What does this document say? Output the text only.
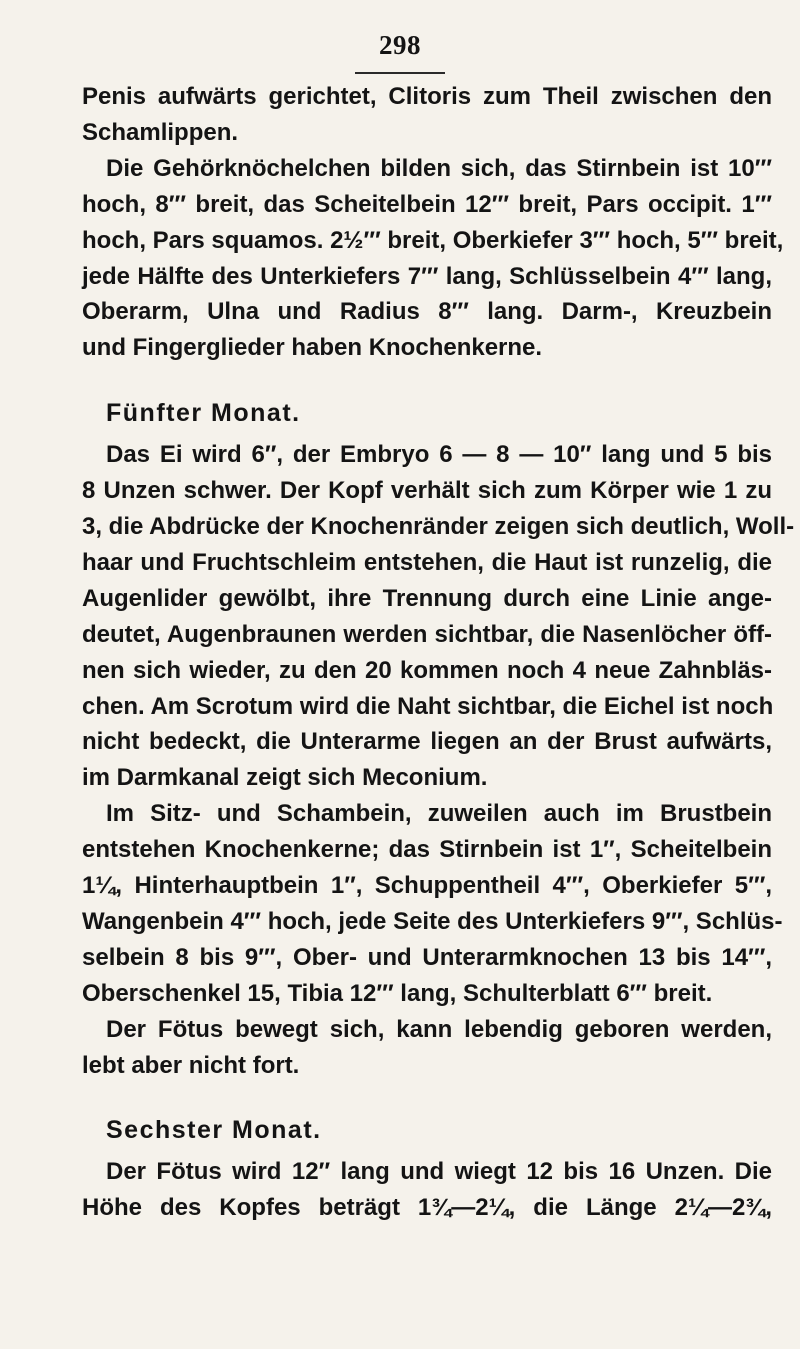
298
Penis aufwärts gerichtet, Clitoris zum Theil zwischen den
Schamlippen.
Die Gehörknöchelchen bilden sich, das Stirnbein ist 10′′′
hoch, 8′′′ breit, das Scheitelbein 12′′′ breit, Pars occipit. 1′′′
hoch, Pars squamos. 2½′′′ breit, Oberkiefer 3′′′ hoch, 5′′′ breit,
jede Hälfte des Unterkiefers 7′′′ lang, Schlüsselbein 4′′′ lang,
Oberarm, Ulna und Radius 8′′′ lang. Darm-, Kreuzbein
und Fingerglieder haben Knochenkerne.

Fünfter Monat.

Das Ei wird 6′′, der Embryo 6 — 8 — 10′′ lang und 5 bis
8 Unzen schwer. Der Kopf verhält sich zum Körper wie 1 zu
3, die Abdrücke der Knochenränder zeigen sich deutlich, Woll-
haar und Fruchtschleim entstehen, die Haut ist runzelig, die
Augenlider gewölbt, ihre Trennung durch eine Linie ange-
deutet, Augenbraunen werden sichtbar, die Nasenlöcher öff-
nen sich wieder, zu den 20 kommen noch 4 neue Zahnbläs-
chen. Am Scrotum wird die Naht sichtbar, die Eichel ist noch
nicht bedeckt, die Unterarme liegen an der Brust aufwärts,
im Darmkanal zeigt sich Meconium.
Im Sitz- und Schambein, zuweilen auch im Brustbein
entstehen Knochenkerne; das Stirnbein ist 1′′, Scheitelbein
1¼, Hinterhauptbein 1′′, Schuppentheil 4′′′, Oberkiefer 5′′′,
Wangenbein 4′′′ hoch, jede Seite des Unterkiefers 9′′′, Schlüs-
selbein 8 bis 9′′′, Ober- und Unterarmknochen 13 bis 14′′′,
Oberschenkel 15, Tibia 12′′′ lang, Schulterblatt 6′′′ breit.
Der Fötus bewegt sich, kann lebendig geboren werden,
lebt aber nicht fort.

Sechster Monat.

Der Fötus wird 12′′ lang und wiegt 12 bis 16 Unzen. Die
Höhe des Kopfes beträgt 1¾—2¼, die Länge 2¼—2¾,
